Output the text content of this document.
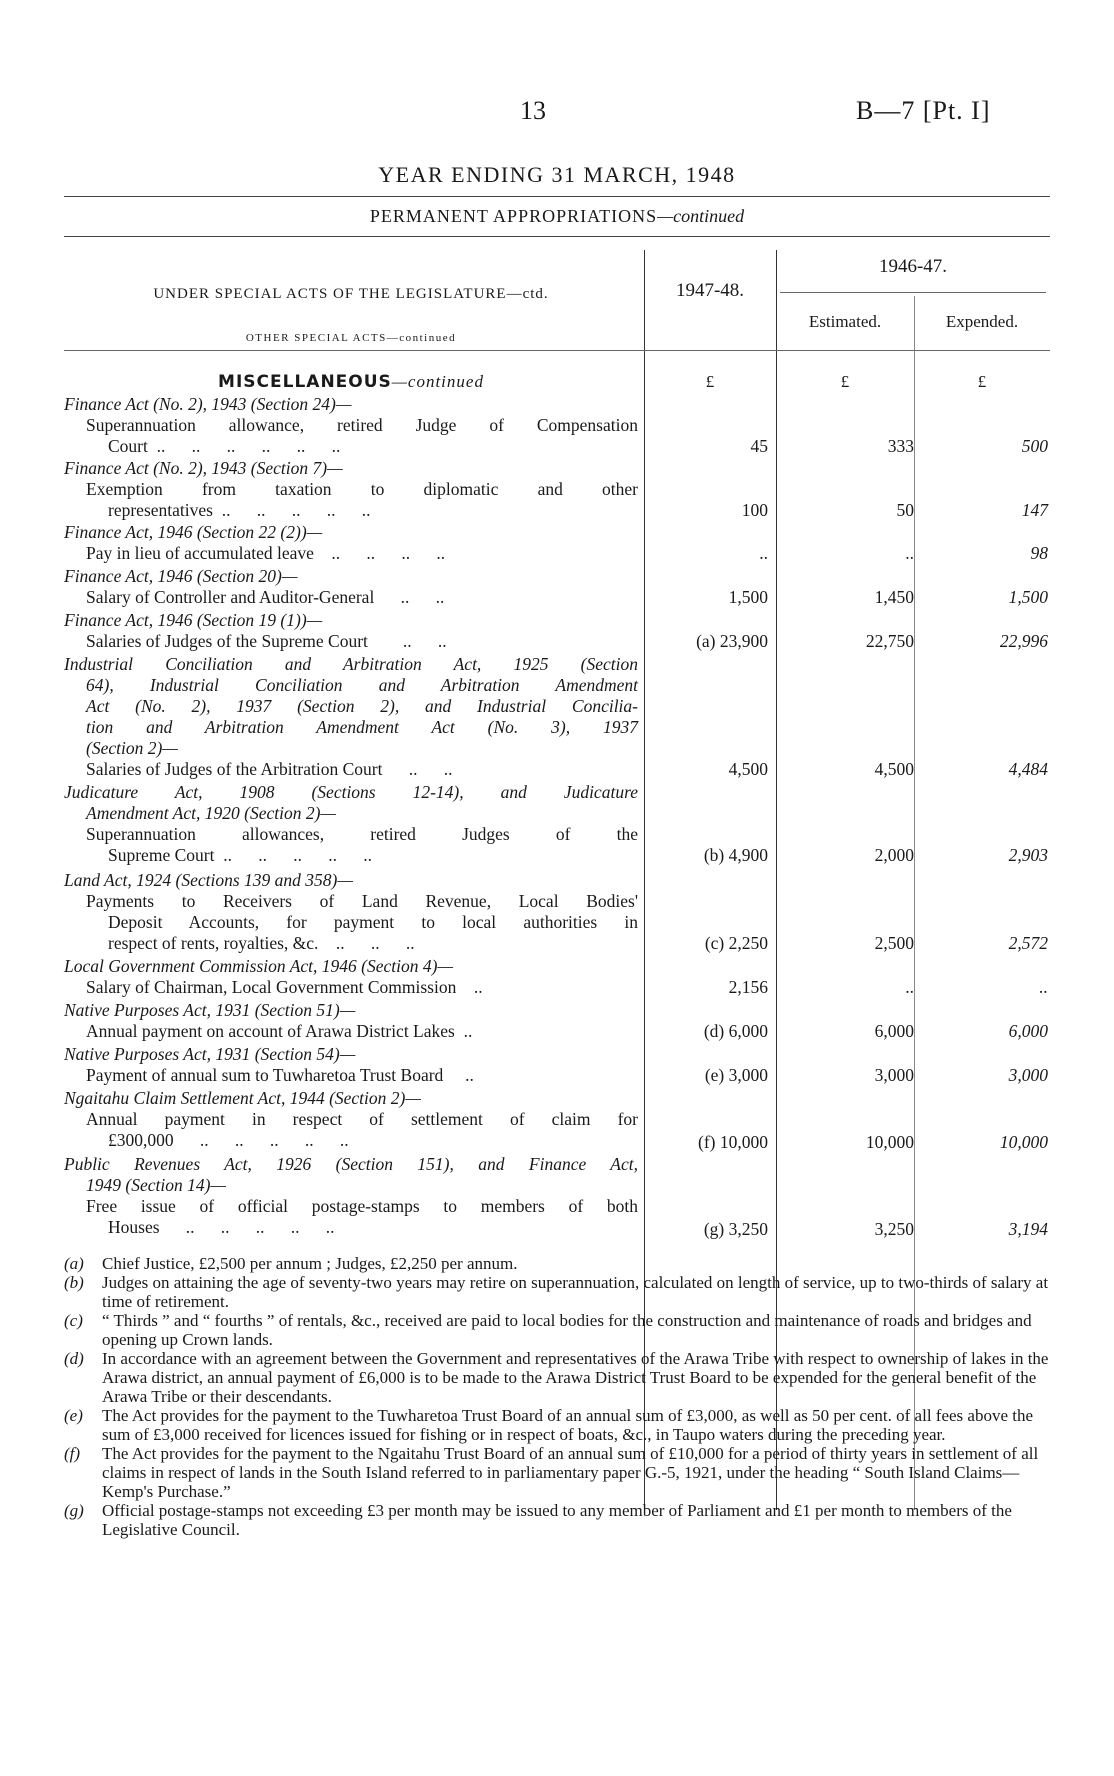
13	B—7 [Pt. I]
YEAR ENDING 31 MARCH, 1948
PERMANENT APPROPRIATIONS—continued
UNDER SPECIAL ACTS OF THE LEGISLATURE—ctd.
OTHER SPECIAL ACTS—continued
1947-48.
1946-47.
Estimated.	Expended.
MISCELLANEOUS—continued	£	£	£
Finance Act (No. 2), 1943 (Section 24)—
Superannuation allowance, retired Judge of Compensation
Court  ..      ..      ..      ..      ..      ..	45	333	500
Finance Act (No. 2), 1943 (Section 7)—
Exemption from taxation to diplomatic and other
representatives  ..      ..      ..      ..      ..	100	50	147
Finance Act, 1946 (Section 22 (2))—
Pay in lieu of accumulated leave    ..      ..      ..      ..	..	..	98
Finance Act, 1946 (Section 20)—
Salary of Controller and Auditor-General      ..      ..	1,500	1,450	1,500
Finance Act, 1946 (Section 19 (1))—
Salaries of Judges of the Supreme Court        ..      ..	(a) 23,900	22,750	22,996
Industrial Conciliation and Arbitration Act, 1925 (Section
64), Industrial Conciliation and Arbitration Amendment
Act (No. 2), 1937 (Section 2), and Industrial Concilia-
tion and Arbitration Amendment Act (No. 3), 1937
(Section 2)—
Salaries of Judges of the Arbitration Court      ..      ..	4,500	4,500	4,484
Judicature Act, 1908 (Sections 12-14), and Judicature
Amendment Act, 1920 (Section 2)—
Superannuation allowances, retired Judges of the
Supreme Court  ..      ..      ..      ..      ..	(b) 4,900	2,000	2,903
Land Act, 1924 (Sections 139 and 358)—
Payments to Receivers of Land Revenue, Local Bodies'
Deposit Accounts, for payment to local authorities in
respect of rents, royalties, &c.    ..      ..      ..	(c) 2,250	2,500	2,572
Local Government Commission Act, 1946 (Section 4)—
Salary of Chairman, Local Government Commission    ..	2,156	..	..
Native Purposes Act, 1931 (Section 51)—
Annual payment on account of Arawa District Lakes  ..	(d) 6,000	6,000	6,000
Native Purposes Act, 1931 (Section 54)—
Payment of annual sum to Tuwharetoa Trust Board     ..	(e) 3,000	3,000	3,000
Ngaitahu Claim Settlement Act, 1944 (Section 2)—
Annual payment in respect of settlement of claim for
£300,000      ..      ..      ..      ..      ..	(f) 10,000	10,000	10,000
Public Revenues Act, 1926 (Section 151), and Finance Act,
1949 (Section 14)—
Free issue of official postage-stamps to members of both
Houses      ..      ..      ..      ..      ..	(g) 3,250	3,250	3,194
(a) Chief Justice, £2,500 per annum ; Judges, £2,250 per annum.
(b) Judges on attaining the age of seventy-two years may retire on superannuation, calculated on length of service, up to two-thirds of salary at time of retirement.
(c) “ Thirds ” and “ fourths ” of rentals, &c., received are paid to local bodies for the construction and maintenance of roads and bridges and opening up Crown lands.
(d) In accordance with an agreement between the Government and representatives of the Arawa Tribe with respect to ownership of lakes in the Arawa district, an annual payment of £6,000 is to be made to the Arawa District Trust Board to be expended for the general benefit of the Arawa Tribe or their descendants.
(e) The Act provides for the payment to the Tuwharetoa Trust Board of an annual sum of £3,000, as well as 50 per cent. of all fees above the sum of £3,000 received for licences issued for fishing or in respect of boats, &c., in Taupo waters during the preceding year.
(f) The Act provides for the payment to the Ngaitahu Trust Board of an annual sum of £10,000 for a period of thirty years in settlement of all claims in respect of lands in the South Island referred to in parliamentary paper G.-5, 1921, under the heading “ South Island Claims—Kemp's Purchase.”
(g) Official postage-stamps not exceeding £3 per month may be issued to any member of Parliament and £1 per month to members of the Legislative Council.
